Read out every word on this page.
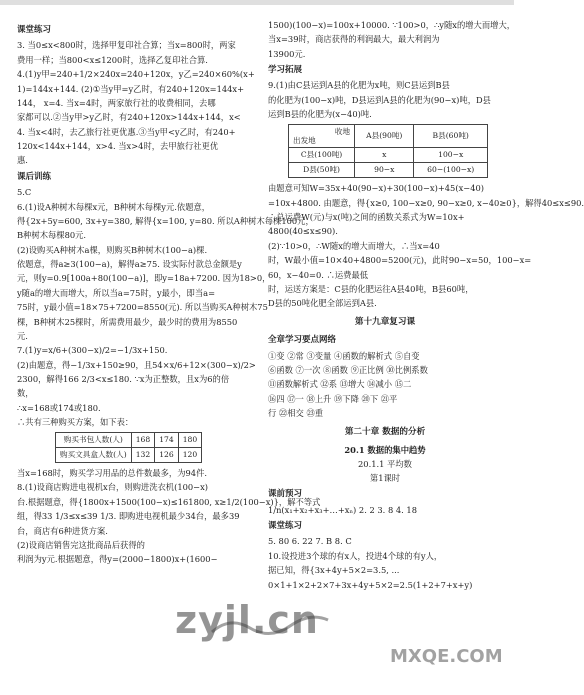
课堂练习
3. 当0≤x<800时，选择甲复印社合算；当x=800时，两家
费用一样；当800<x≤1200时，选择乙复印社合算.
4.(1)y甲=240+1/2×240x=240+120x，y乙=240×60%(x+
1)=144x+144. (2)①当y甲=y乙时，有240+120x=144x+
144， x=4. 当x=4时，两家旅行社的收费相同，去哪
家都可以.②当y甲>y乙时，有240+120x>144x+144，x<
4. 当x<4时，去乙旅行社更优惠.③当y甲<y乙时，有240+
120x<144x+144，x>4. 当x>4时，去甲旅行社更优
惠.
课后训练
5.C
6.(1)设A种树木每棵x元，B种树木每棵y元.依题意，
得{2x+5y=600, 3x+y=380, 解得{x=100, y=80. 所以A种树木每棵100元，
B种树木每棵80元.
(2)设购买A种树木a棵，则购买B种树木(100−a)棵.
依题意，得a≥3(100−a)，解得a≥75. 设实际付款总金额是y
元，则y=0.9[100a+80(100−a)]，即y=18a+7200. 因为18>0，
y随a的增大而增大，所以当a=75时，y最小，即当a=
75时，y最小值=18×75+7200=8550(元). 所以当购买A种树木75
棵，B种树木25棵时，所需费用最少，最少时的费用为8550
元.
7.(1)y=x/6+(300−x)/2=−1/3x+150.
(2)由题意，得−1/3x+150≥90，且54×x/6+12×(300−x)/2>
2300，解得166 2/3<x≤180. ∵x为正整数，且x为6的倍
数，
∴x=168或174或180.
∴共有三种购买方案，如下表：
购买书包人数(人)	168	174	180
购买文具盒人数(人)	132	126	120
当x=168时，购买学习用品的总件数最多，为94件.
8.(1)设商店购进电视机x台，则购进洗衣机(100−x)
台.根据题意，得{1800x+1500(100−x)≤161800, x≥1/2(100−x)}，解不等式
组，得33 1/3≤x≤39 1/3. 即购进电视机最少34台，最多39
台，商店有6种进货方案.
(2)设商店销售完这批商品后获得的
利润为y元.根据题意，得y=(2000−1800)x+(1600−
1500)(100−x)=100x+10000. ∵100>0，∴y随x的增大而增大，
当x=39时，商店获得的利润最大，最大利润为
13900元.
学习拓展
9.(1)由C县运到A县的化肥为x吨，则C县运到B县
的化肥为(100−x)吨，D县运到A县的化肥为(90−x)吨，D县
运到B县的化肥为(x−40)吨.
收地
出发地	A县(90吨)	B县(60吨)
C县(100吨)	x	100−x
D县(50吨)	90−x	60−(100−x)
由题意可知W=35x+40(90−x)+30(100−x)+45(x−40)
=10x+4800. 由题意，得{x≥0, 100−x≥0, 90−x≥0, x−40≥0}，解得40≤x≤90.
∴总运费W(元)与x(吨)之间的函数关系式为W=10x+
4800(40≤x≤90).
(2)∵10>0，∴W随x的增大而增大，∴当x=40
时，W最小值=10×40+4800=5200(元)，此时90−x=50，100−x=
60，x−40=0. ∴运费最低
时，运送方案是：C县的化肥运往A县40吨，B县60吨，
D县的50吨化肥全部运到A县.
第十九章复习课
全章学习要点网络
①变 ②常 ③变量 ④函数的解析式 ⑤自变
⑥函数 ⑦一次 ⑧函数 ⑨正比例 ⑩比例系数
⑪函数解析式 ⑫系 ⑬增大 ⑭减小 ⑮二
⑯四 ⑰一 ⑱上升 ⑲下降 ⑳下 ㉑平
行 ㉒相交 ㉓重
第二十章 数据的分析
20.1 数据的集中趋势
20.1.1 平均数
第1课时
课前预习
1/n(x₁+x₂+x₃+…+xₙ) 2. 2 3. 8 4. 18
课堂练习
5. 80 6. 22 7. B 8. C
10.设投进3个球的有x人，投进4个球的有y人，
据已知，得{3x+4y+5×2=3.5, ...
0×1+1×2+2×7+3x+4y+5×2=2.5(1+2+7+x+y)
zyjl.cn
MXQE.COM
